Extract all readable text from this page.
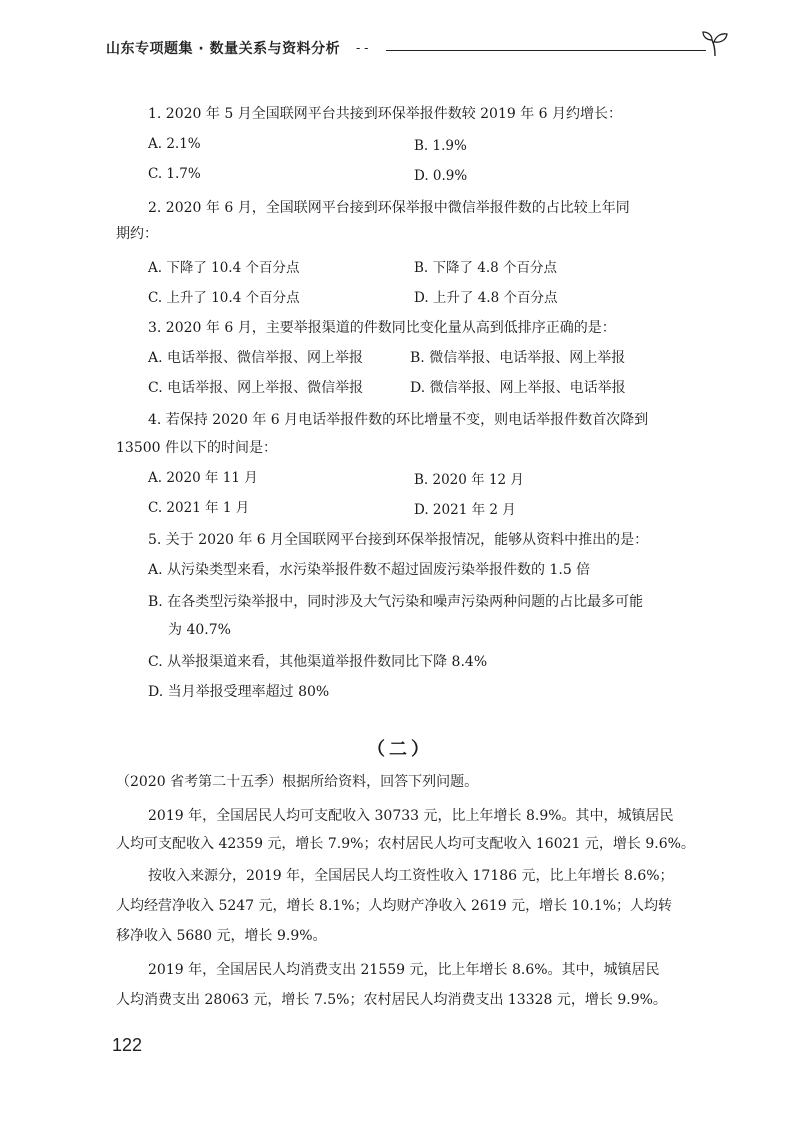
山东专项题集 · 数量关系与资料分析 - -
1. 2020 年 5 月全国联网平台共接到环保举报件数较 2019 年 6 月约增长：
A. 2.1%	B. 1.9%
C. 1.7%	D. 0.9%
2. 2020 年 6 月，全国联网平台接到环保举报中微信举报件数的占比较上年同
期约：
A. 下降了 10.4 个百分点	B. 下降了 4.8 个百分点
C. 上升了 10.4 个百分点	D. 上升了 4.8 个百分点
3. 2020 年 6 月，主要举报渠道的件数同比变化量从高到低排序正确的是：
A. 电话举报、微信举报、网上举报	B. 微信举报、电话举报、网上举报
C. 电话举报、网上举报、微信举报	D. 微信举报、网上举报、电话举报
4. 若保持 2020 年 6 月电话举报件数的环比增量不变，则电话举报件数首次降到
13500 件以下的时间是：
A. 2020 年 11 月	B. 2020 年 12 月
C. 2021 年 1 月	D. 2021 年 2 月
5. 关于 2020 年 6 月全国联网平台接到环保举报情况，能够从资料中推出的是：
A. 从污染类型来看，水污染举报件数不超过固废污染举报件数的 1.5 倍
B. 在各类型污染举报中，同时涉及大气污染和噪声污染两种问题的占比最多可能
为 40.7%
C. 从举报渠道来看，其他渠道举报件数同比下降 8.4%
D. 当月举报受理率超过 80%
（二）
（2020 省考第二十五季）根据所给资料，回答下列问题。
2019 年，全国居民人均可支配收入 30733 元，比上年增长 8.9%。其中，城镇居民
人均可支配收入 42359 元，增长 7.9%；农村居民人均可支配收入 16021 元，增长 9.6%。
按收入来源分，2019 年，全国居民人均工资性收入 17186 元，比上年增长 8.6%；
人均经营净收入 5247 元，增长 8.1%；人均财产净收入 2619 元，增长 10.1%；人均转
移净收入 5680 元，增长 9.9%。
2019 年，全国居民人均消费支出 21559 元，比上年增长 8.6%。其中，城镇居民
人均消费支出 28063 元，增长 7.5%；农村居民人均消费支出 13328 元，增长 9.9%。
122
